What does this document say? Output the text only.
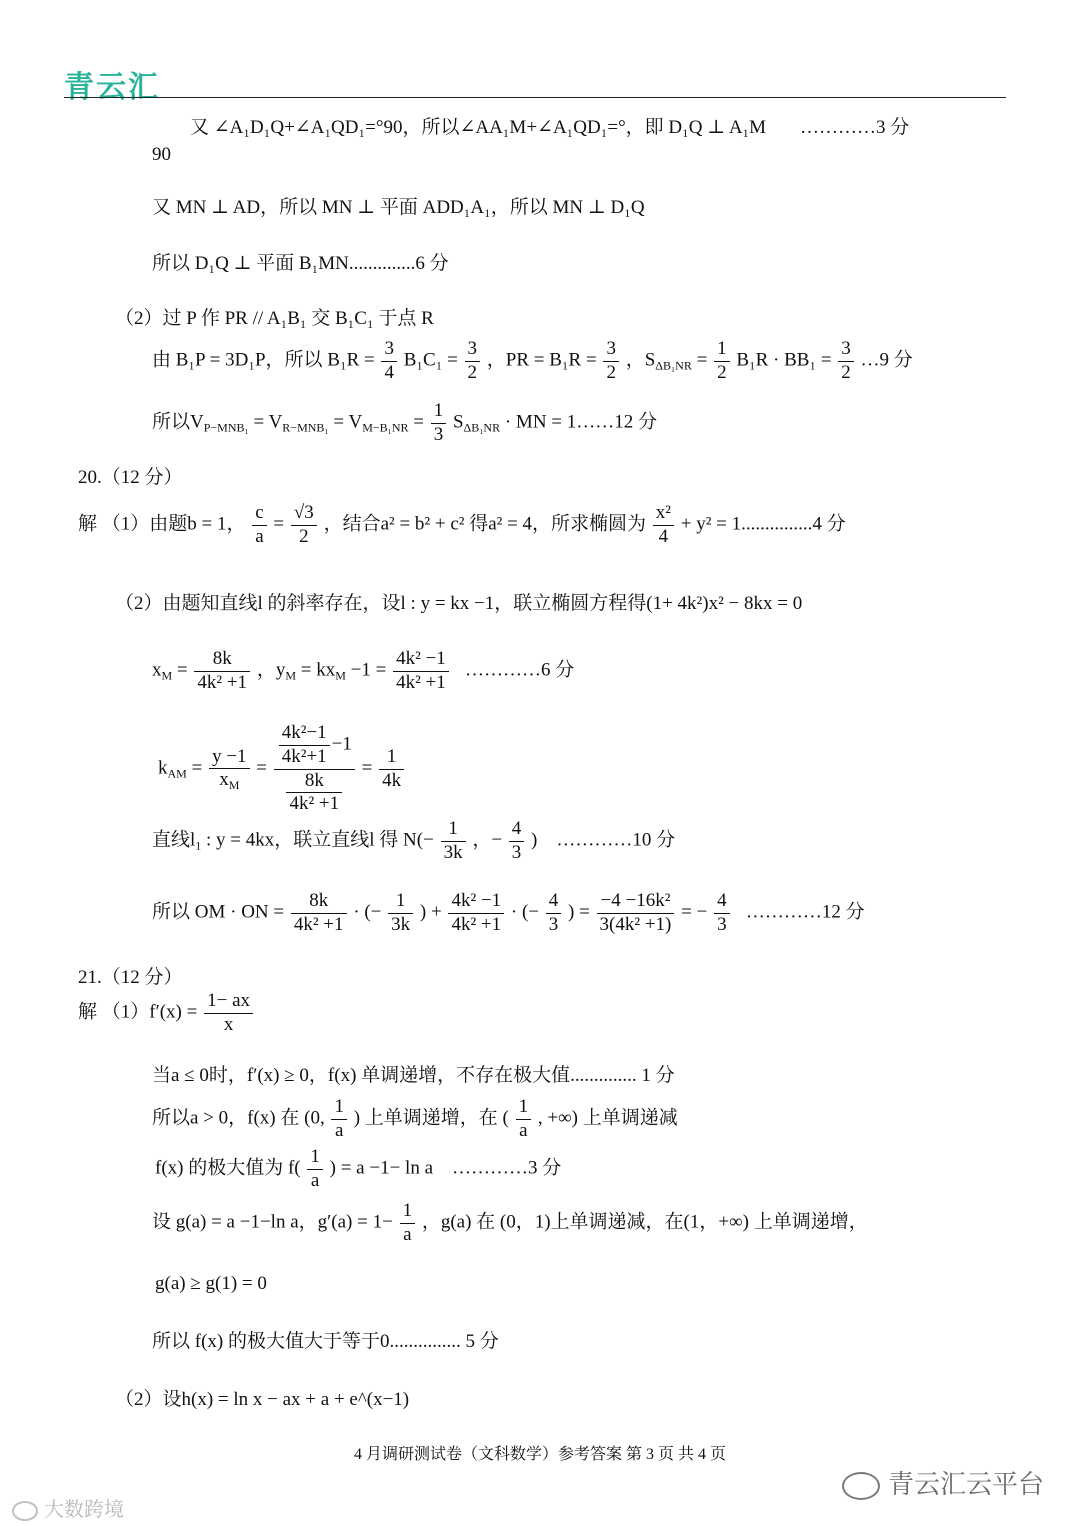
青云汇
又 ∠A₁D₁Q+∠A₁QD₁=°90，所以∠AA₁M+∠A₁QD₁=°，即 D₁Q ⊥ A₁M …………3 分
90
又 MN ⊥ AD，所以 MN ⊥ 平面 ADD₁A₁，所以 MN ⊥ D₁Q
所以 D₁Q ⊥ 平面 B₁MN..............6 分
（2）过 P 作 PR // A₁B₁ 交 B₁C₁ 于点 R
由 B₁P = 3D₁P，所以 $B_1R = \frac{3}{4} B_1C_1 = \frac{3}{2}$ ，PR = $B_1R = \frac{3}{2}$ ，$S_{\Delta B_1NR} = \frac{1}{2} B_1R \cdot BB_1 = \frac{3}{2}$ …9 分
所以$V_{P-MNB_1} = V_{R-MNB_1} = V_{M-B_1NR} = \frac{1}{3} S_{\Delta B_1NR}$ · MN = 1……12 分
20.（12 分）
解 （1）由题b = 1， $\frac{c}{a} = \frac{√3}{2}$ ，结合a² = b² + c² 得a² = 4，所求椭圆为 $\frac{\text{x²}}{4} + y^2 = 1...............4$ 分
（2）由题知直线l 的斜率存在，设l : y = kx −1，联立椭圆方程得(1+ 4k²)x² − 8kx = 0
$x_M = \frac{8k}{\text{4k² +1}}$ ，$y_M = kx_M -1 = \frac{\text{4k² −1}}{\text{4k² +1}}$ …………6 分
$k_{AM} = \frac{y -1}{x_M} = \frac{\frac{\text{4k²−1}}{\text{4k²+1}} -1}{\frac{8k}{\text{4k² +1}}} = \frac{1}{4k}$
直线$l_1$ : y = 4kx，联立直线l 得 $N(- \frac{1}{3k}$ ，− $\frac{4}{3}$ ) …………10 分
所以 OM · ON = $\frac{8k}{\text{4k² +1}}$ · (− $\frac{1}{3k}$ ) + $\frac{\text{4k² −1}}{\text{4k² +1}}$ · (− $\frac{4}{3}$ ) = $\frac{\text{−4 −16k²}}{\text{3(4k² +1)}}$ = − $\frac{4}{3}$ …………12 分
21.（12 分）
解 $(1)f'(x) = \frac{1- ax}{x}$
当a ≤ 0时，f′(x) ≥ 0，f(x) 单调递增，不存在极大值.............. 1 分
所以a > 0，f(x) 在 (0, $\frac{1}{a}$ ) 上单调递增，在 ( $\frac{1}{a}$ , +∞) 上单调递减
f(x) 的极大值为 $f( \frac{1}{a}$ ) = a −1− ln a …………3 分
设 g(a) = a −1−ln a，$g'(a) = 1- \frac{1}{a}$ ，g(a) 在 (0，1)上单调递减，在(1，+∞) 上单调递增，
g(a) ≥ g(1) = 0
所以 f(x) 的极大值大于等于0............... 5 分
（2）设h(x) = ln x − ax + a + e^(x−1)
4 月调研测试卷（文科数学）参考答案 第 3 页 共 4 页
青云汇云平台
大数跨境
